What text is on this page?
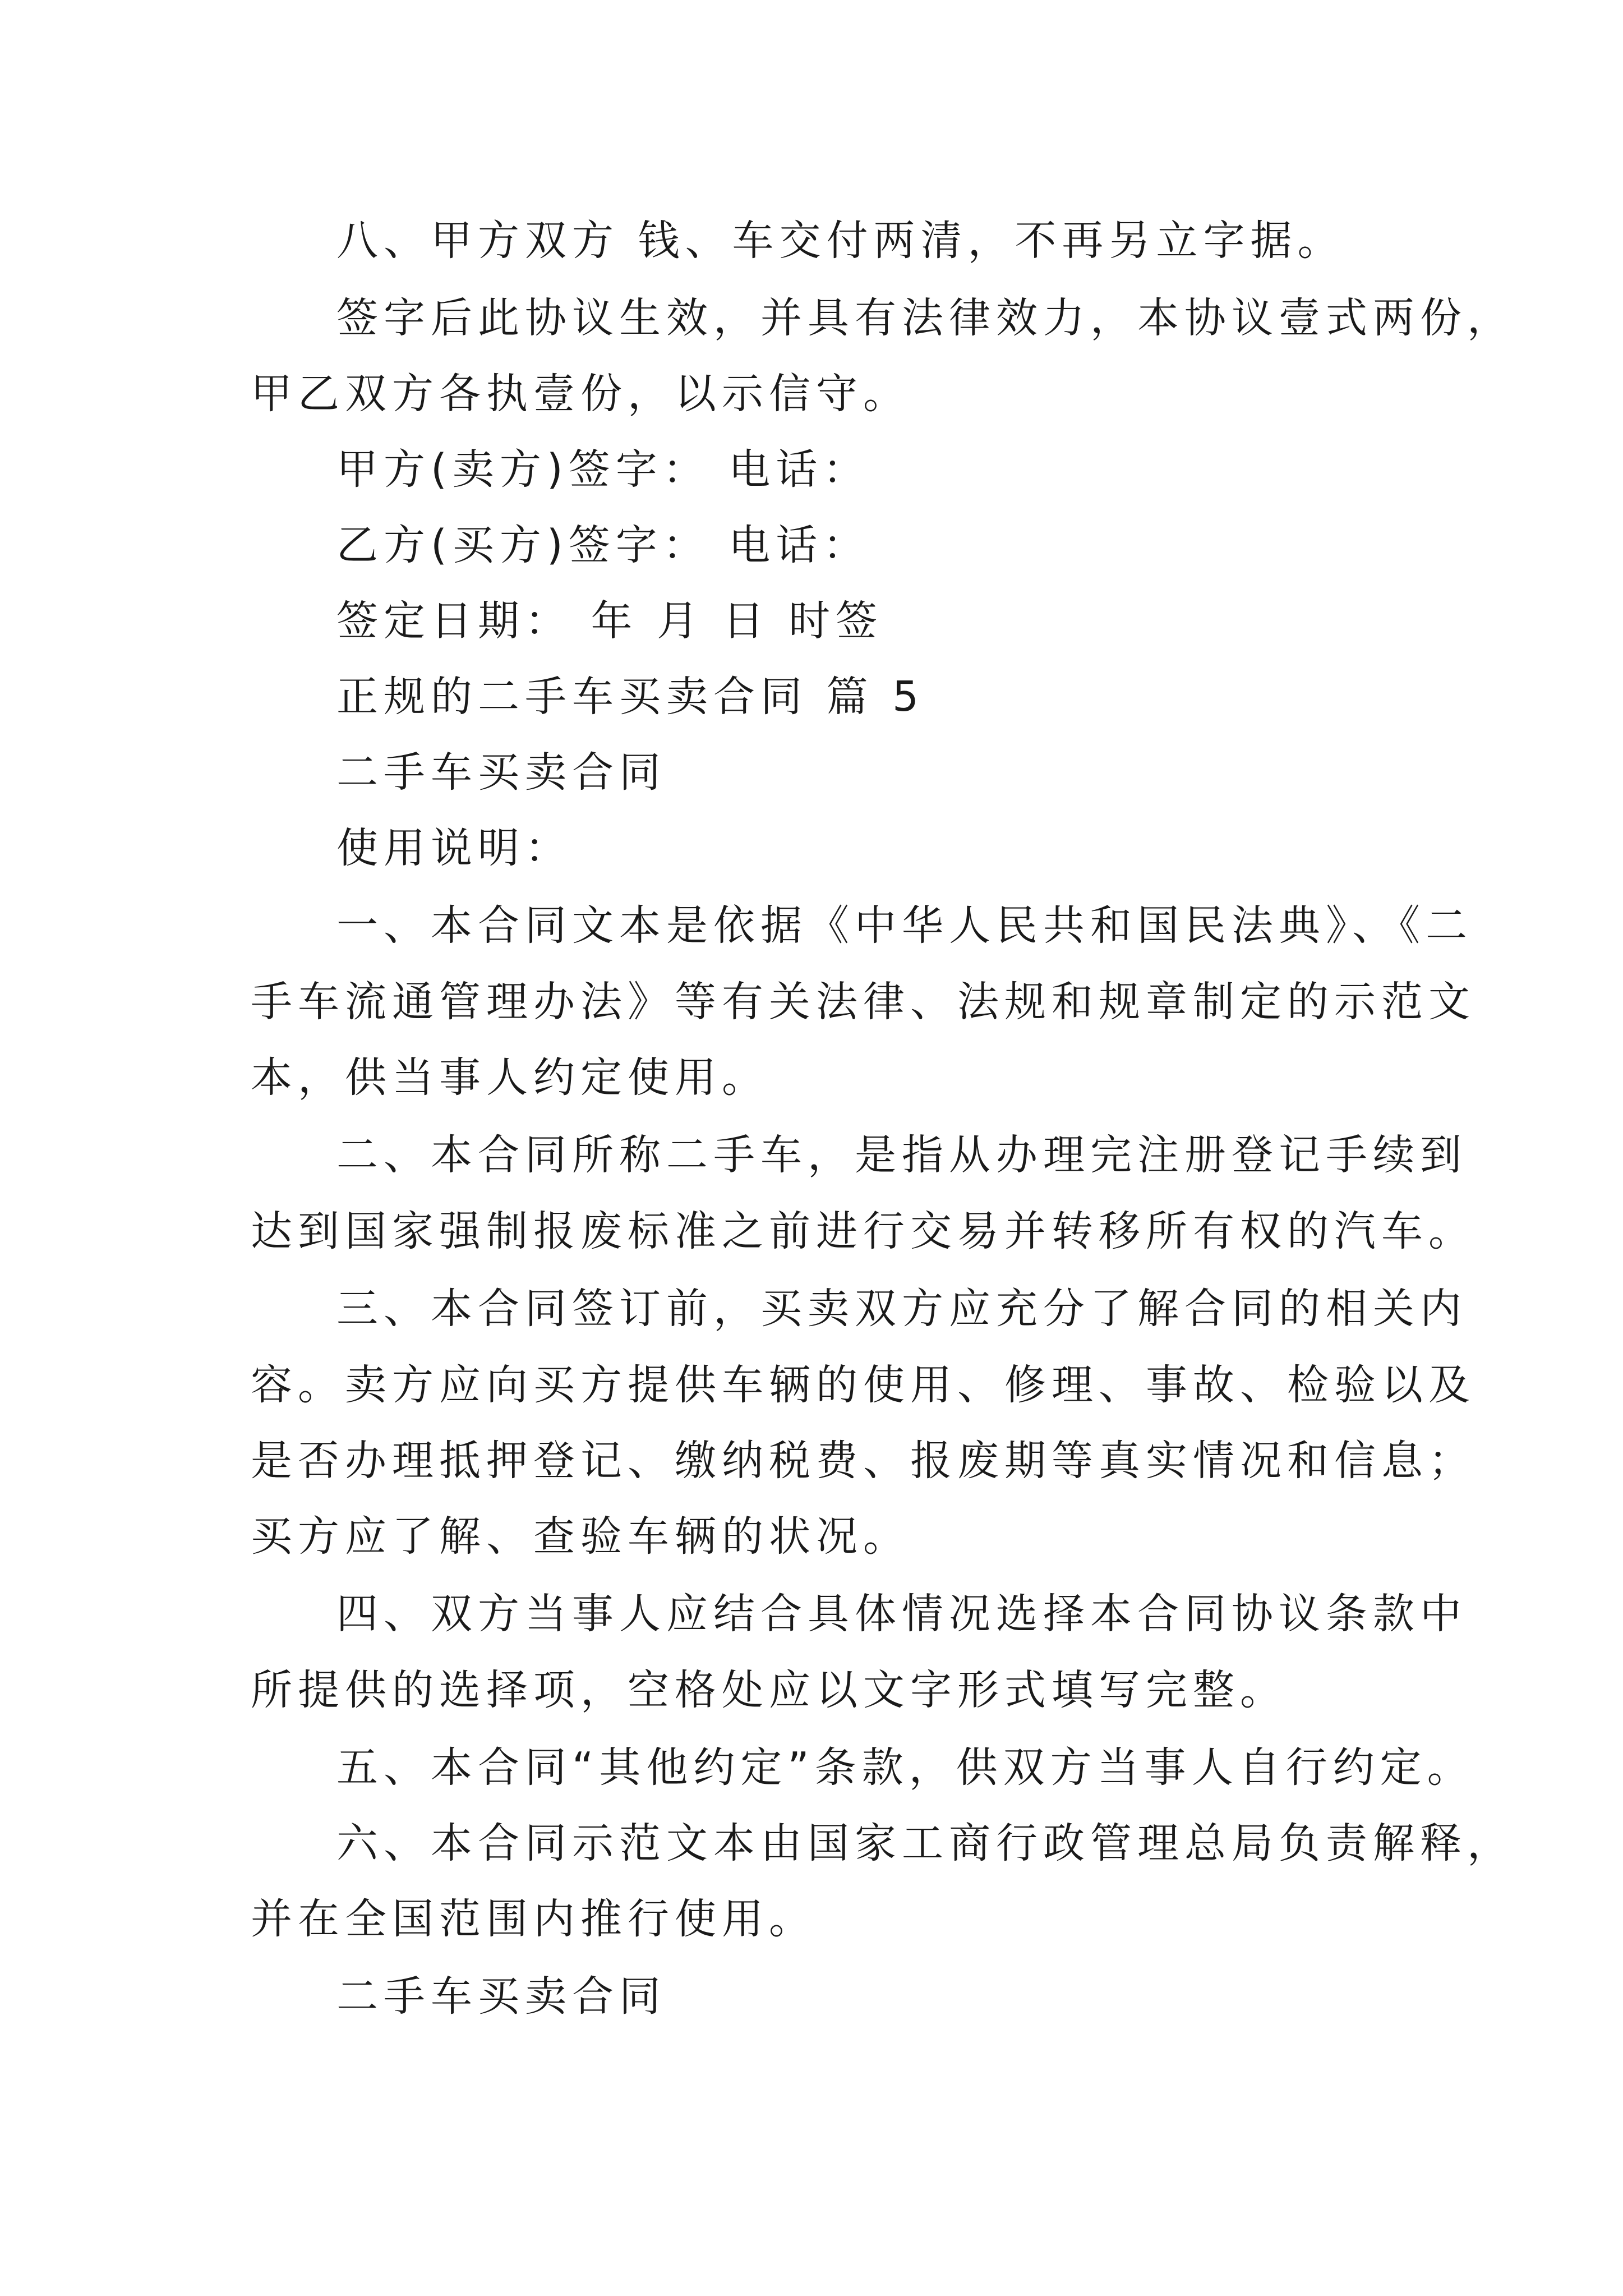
八、甲方双方 钱、车交付两清，不再另立字据。
签字后此协议生效，并具有法律效力，本协议壹式两份，
甲乙双方各执壹份，以示信守。
甲方(卖方)签字： 电话：
乙方(买方)签字： 电话：
签定日期： 年 月 日 时签
正规的二手车买卖合同 篇 5
二手车买卖合同
使用说明：
一、本合同文本是依据《中华人民共和国民法典》、《二
手车流通管理办法》等有关法律、法规和规章制定的示范文
本，供当事人约定使用。
二、本合同所称二手车，是指从办理完注册登记手续到
达到国家强制报废标准之前进行交易并转移所有权的汽车。
三、本合同签订前，买卖双方应充分了解合同的相关内
容。卖方应向买方提供车辆的使用、修理、事故、检验以及
是否办理抵押登记、缴纳税费、报废期等真实情况和信息；
买方应了解、查验车辆的状况。
四、双方当事人应结合具体情况选择本合同协议条款中
所提供的选择项，空格处应以文字形式填写完整。
五、本合同“其他约定”条款，供双方当事人自行约定。
六、本合同示范文本由国家工商行政管理总局负责解释，
并在全国范围内推行使用。
二手车买卖合同
